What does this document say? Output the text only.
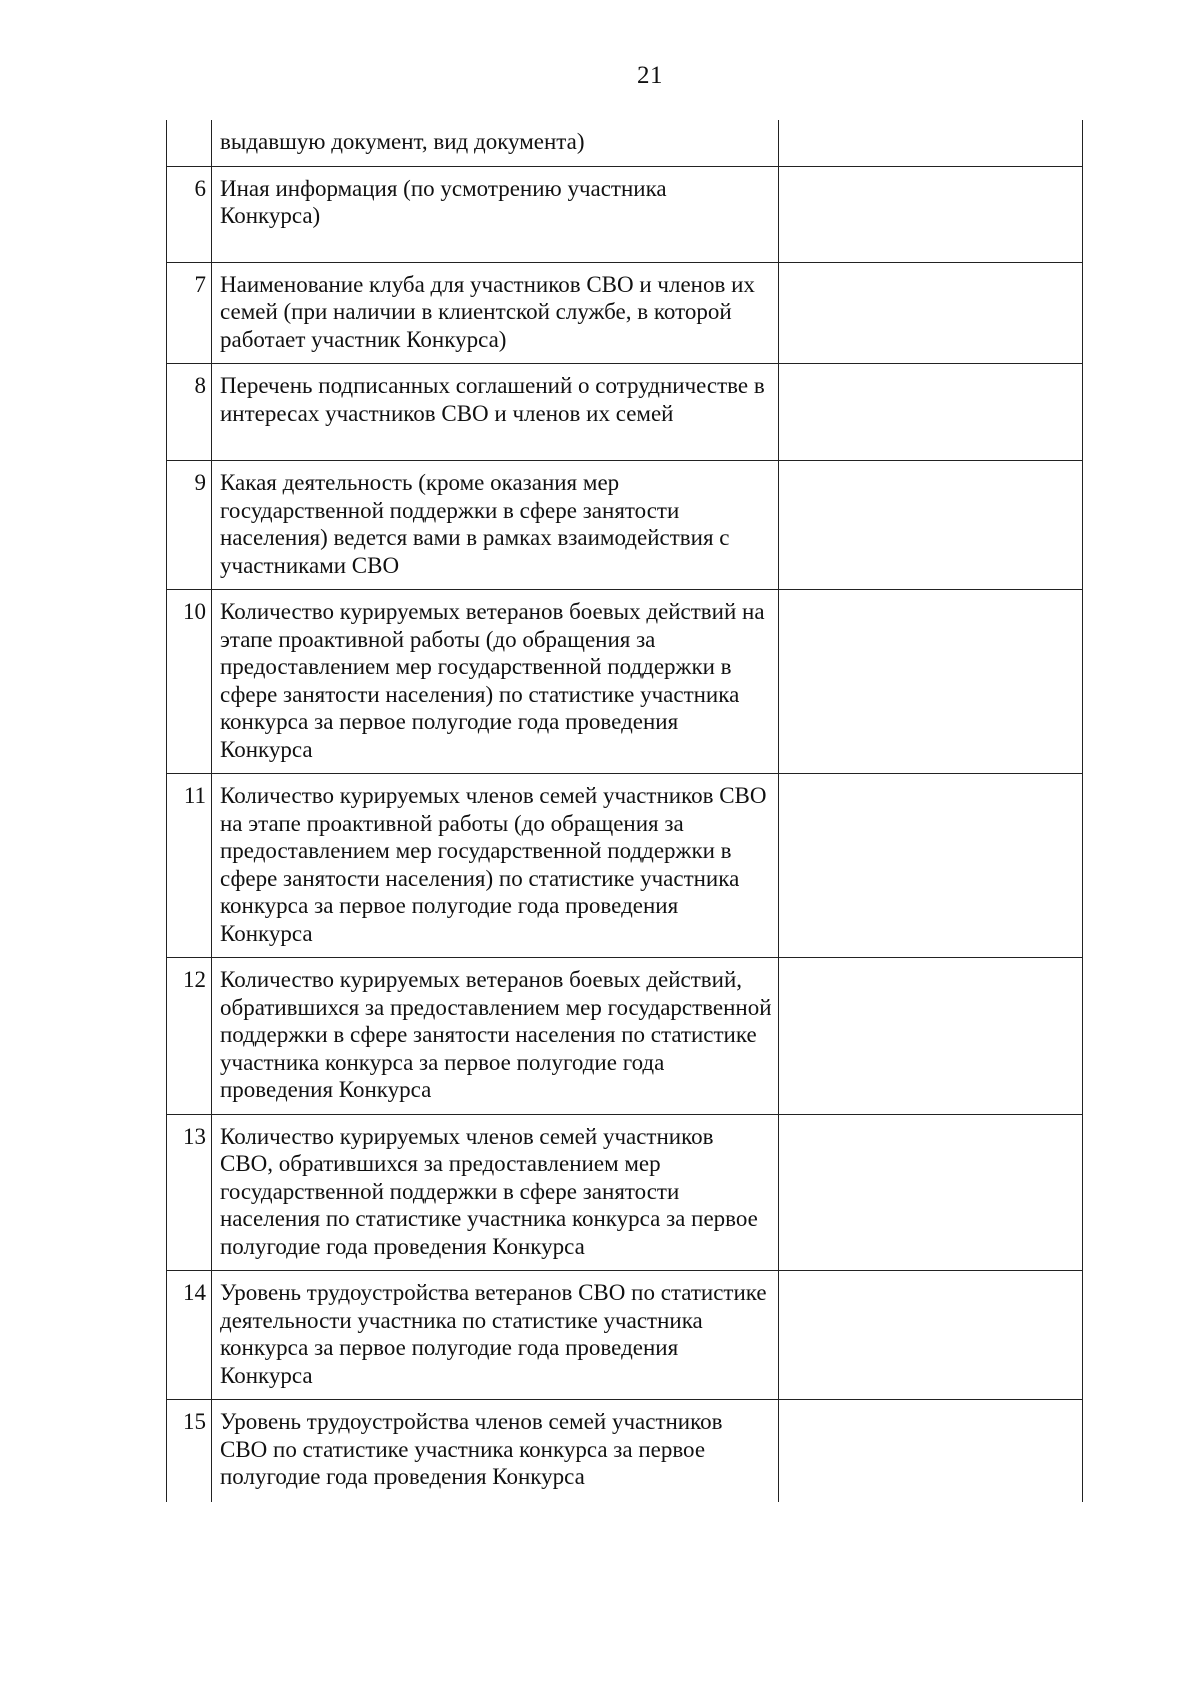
21
	выдавшую документ, вид документа)	
6	Иная информация (по усмотрению участника Конкурса)	
7	Наименование клуба для участников СВО и членов их семей (при наличии в клиентской службе, в которой работает участник Конкурса)	
8	Перечень подписанных соглашений о сотрудничестве в интересах участников СВО и членов их семей	
9	Какая деятельность (кроме оказания мер государственной поддержки в сфере занятости населения) ведется вами в рамках взаимодействия с участниками СВО	
10	Количество курируемых ветеранов боевых действий на этапе проактивной работы (до обращения за предоставлением мер государственной поддержки в сфере занятости населения) по статистике участника конкурса за первое полугодие года проведения Конкурса	
11	Количество курируемых членов семей участников СВО на этапе проактивной работы (до обращения за предоставлением мер государственной поддержки в сфере занятости населения) по статистике участника конкурса за первое полугодие года проведения Конкурса	
12	Количество курируемых ветеранов боевых действий, обратившихся за предоставлением мер государственной поддержки в сфере занятости населения по статистике участника конкурса за первое полугодие года проведения Конкурса	
13	Количество курируемых членов семей участников СВО, обратившихся за предоставлением мер государственной поддержки в сфере занятости населения по статистике участника конкурса за первое полугодие года проведения Конкурса	
14	Уровень трудоустройства ветеранов СВО по статистике деятельности участника по статистике участника конкурса за первое полугодие года проведения Конкурса	
15	Уровень трудоустройства членов семей участников СВО по статистике участника конкурса за первое полугодие года проведения Конкурса	
